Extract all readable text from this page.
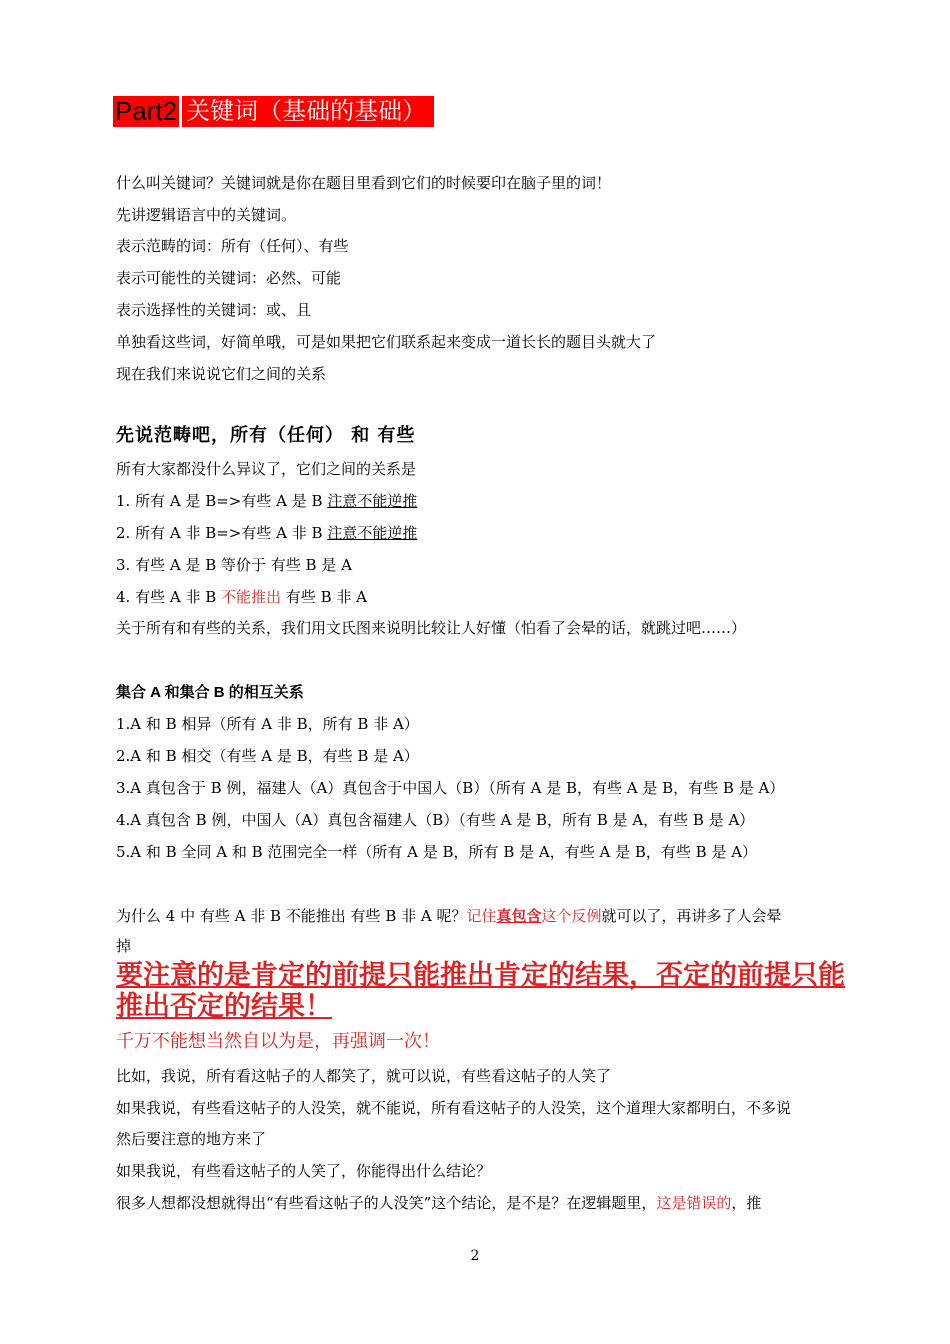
Part2 关键词（基础的基础）
什么叫关键词？关键词就是你在题目里看到它们的时候要印在脑子里的词！
先讲逻辑语言中的关键词。
表示范畴的词：所有（任何）、有些
表示可能性的关键词：必然、可能
表示选择性的关键词：或、且
单独看这些词，好简单哦，可是如果把它们联系起来变成一道长长的题目头就大了
现在我们来说说它们之间的关系
先说范畴吧，所有（任何） 和 有些
所有大家都没什么异议了，它们之间的关系是
1. 所有 A 是 B=>有些 A 是 B 注意不能逆推
2. 所有 A 非 B=>有些 A 非 B 注意不能逆推
3. 有些 A 是 B 等价于 有些 B 是 A
4. 有些 A 非 B 不能推出 有些 B 非 A
关于所有和有些的关系，我们用文氏图来说明比较让人好懂（怕看了会晕的话，就跳过吧……）
集合 A 和集合 B 的相互关系
1.A 和 B 相异（所有 A 非 B，所有 B 非 A）
2.A 和 B 相交（有些 A 是 B，有些 B 是 A）
3.A 真包含于 B 例，福建人（A）真包含于中国人（B）（所有 A 是 B，有些 A 是 B，有些 B 是 A）
4.A 真包含 B 例，中国人（A）真包含福建人（B）（有些 A 是 B，所有 B 是 A，有些 B 是 A）
5.A 和 B 全同 A 和 B 范围完全一样（所有 A 是 B，所有 B 是 A，有些 A 是 B，有些 B 是 A）
为什么 4 中 有些 A 非 B 不能推出 有些 B 非 A 呢？记住真包含这个反例就可以了，再讲多了人会晕
掉
要注意的是肯定的前提只能推出肯定的结果，否定的前提只能推出否定的结果！
千万不能想当然自以为是，再强调一次！
比如，我说，所有看这帖子的人都笑了，就可以说，有些看这帖子的人笑了
如果我说，有些看这帖子的人没笑，就不能说，所有看这帖子的人没笑，这个道理大家都明白，不多说
然后要注意的地方来了
如果我说，有些看这帖子的人笑了，你能得出什么结论？
很多人想都没想就得出“有些看这帖子的人没笑”这个结论，是不是？在逻辑题里，这是错误的，推
2
